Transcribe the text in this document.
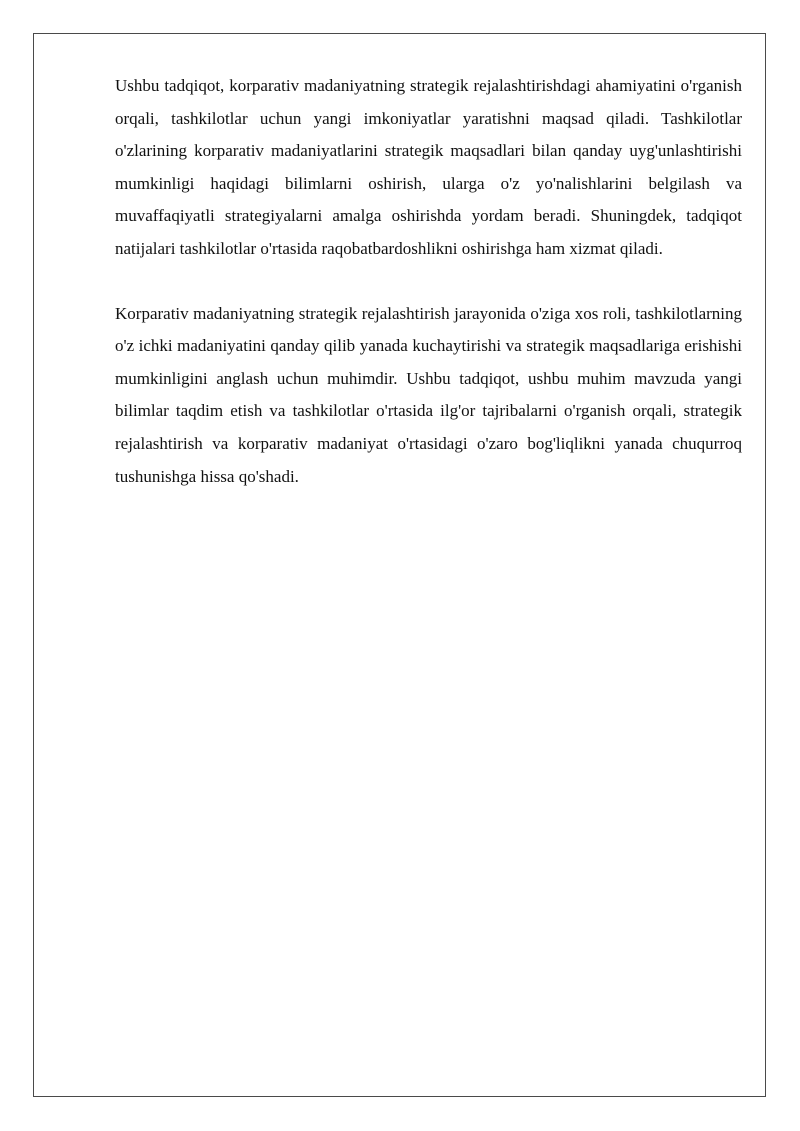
Ushbu tadqiqot, korparativ madaniyatning strategik rejalashtirishdagi ahamiyatini o'rganish orqali, tashkilotlar uchun yangi imkoniyatlar yaratishni maqsad qiladi. Tashkilotlar o'zlarining korparativ madaniyatlarini strategik maqsadlari bilan qanday uyg'unlashtirishi mumkinligi haqidagi bilimlarni oshirish, ularga o'z yo'nalishlarini belgilash va muvaffaqiyatli strategiyalarni amalga oshirishda yordam beradi. Shuningdek, tadqiqot natijalari tashkilotlar o'rtasida raqobatbardoshlikni oshirishga ham xizmat qiladi.

Korparativ madaniyatning strategik rejalashtirish jarayonida o'ziga xos roli, tashkilotlarning o'z ichki madaniyatini qanday qilib yanada kuchaytirishi va strategik maqsadlariga erishishi mumkinligini anglash uchun muhimdir. Ushbu tadqiqot, ushbu muhim mavzuda yangi bilimlar taqdim etish va tashkilotlar o'rtasida ilg'or tajribalarni o'rganish orqali, strategik rejalashtirish va korparativ madaniyat o'rtasidagi o'zaro bog'liqlikni yanada chuqurroq tushunishga hissa qo'shadi.
